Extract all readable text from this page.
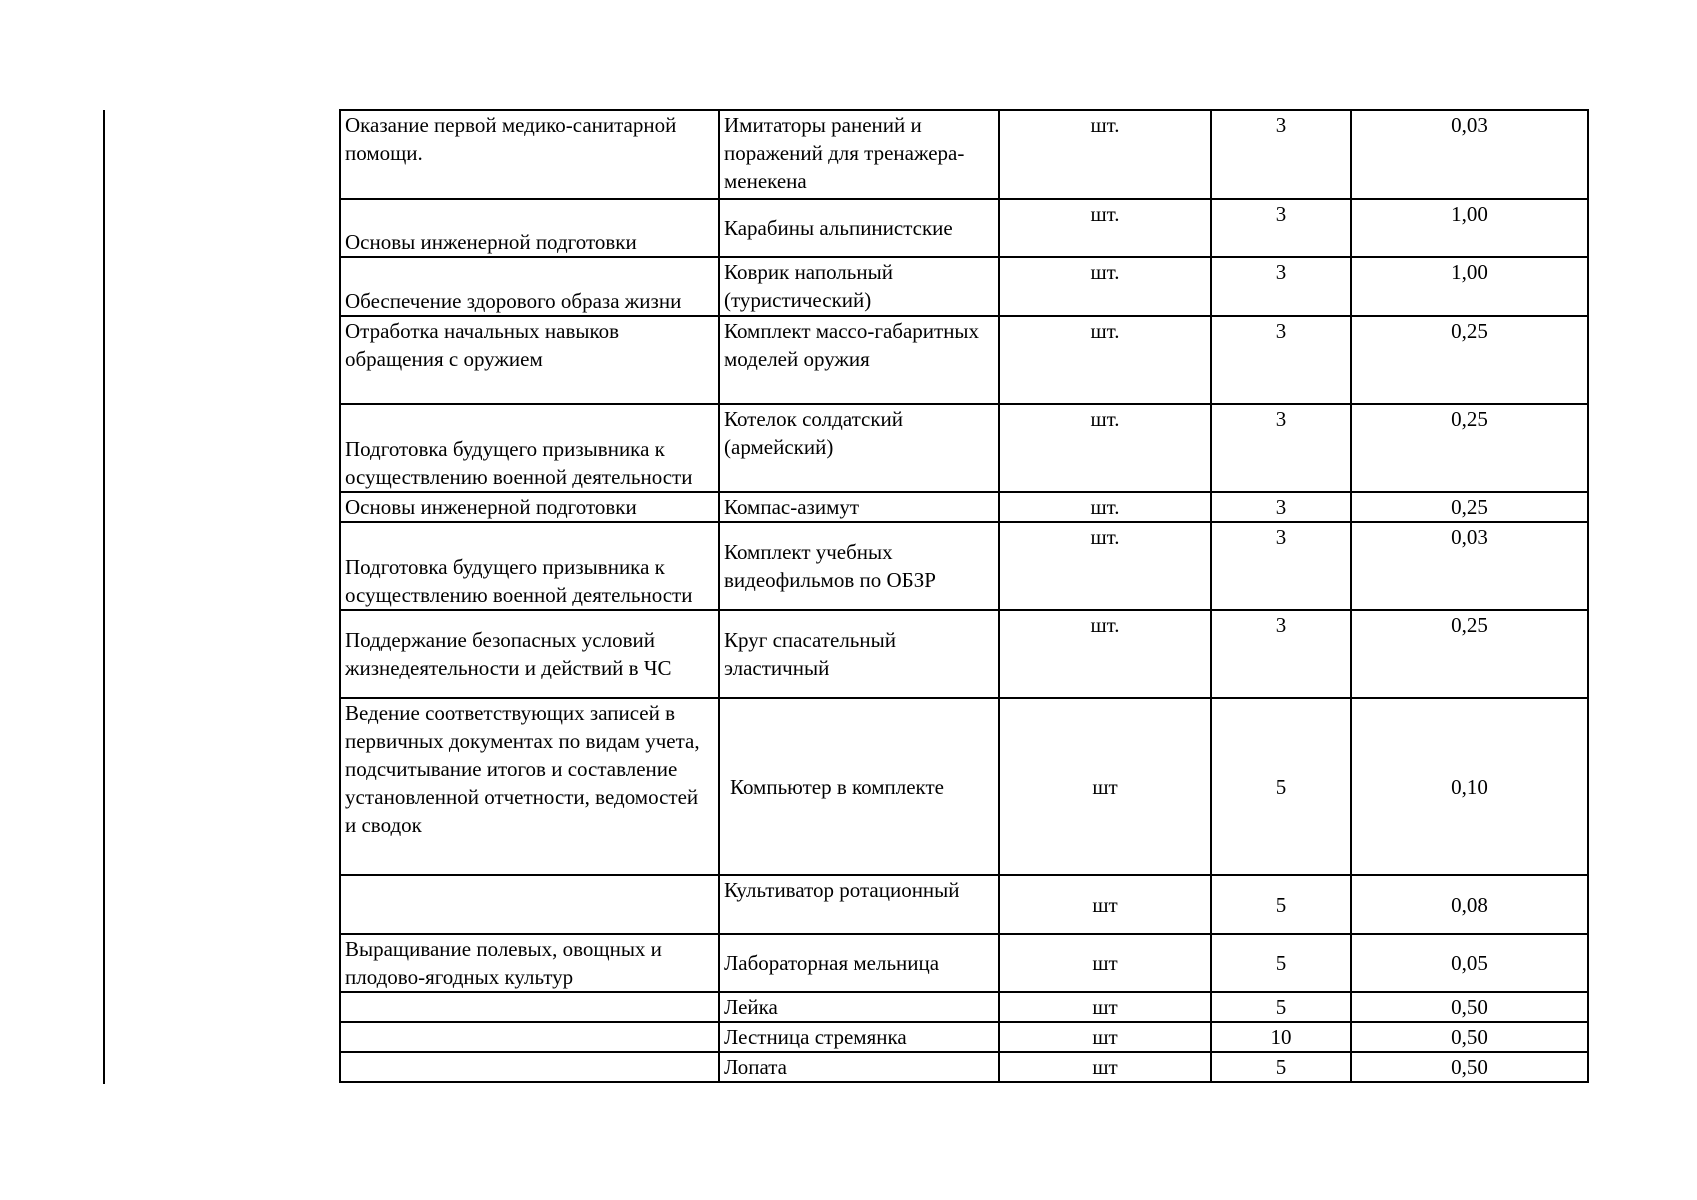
Оказание первой медико-санитарной помощи.	Имитаторы ранений и поражений для тренажера-менекена	шт.	3	0,03
Основы инженерной подготовки	Карабины альпинистские	шт.	3	1,00
Обеспечение здорового образа жизни	Коврик напольный (туристический)	шт.	3	1,00
Отработка начальных навыков обращения с оружием	Комплект массо-габаритных моделей оружия	шт.	3	0,25
Подготовка будущего призывника к осуществлению военной деятельности	Котелок солдатский (армейский)	шт.	3	0,25
Основы инженерной подготовки	Компас-азимут	шт.	3	0,25
Подготовка будущего призывника к осуществлению военной деятельности	Комплект учебных видеофильмов по ОБЗР	шт.	3	0,03
Поддержание безопасных условий жизнедеятельности и действий в ЧС	Круг спасательный эластичный	шт.	3	0,25
Ведение соответствующих записей в первичных документах по видам учета, подсчитывание итогов и составление установленной отчетности, ведомостей и сводок	Компьютер в комплекте	шт	5	0,10
	Культиватор ротационный	шт	5	0,08
Выращивание полевых, овощных и плодово-ягодных культур	Лабораторная мельница	шт	5	0,05
	Лейка	шт	5	0,50
	Лестница стремянка	шт	10	0,50
	Лопата	шт	5	0,50
